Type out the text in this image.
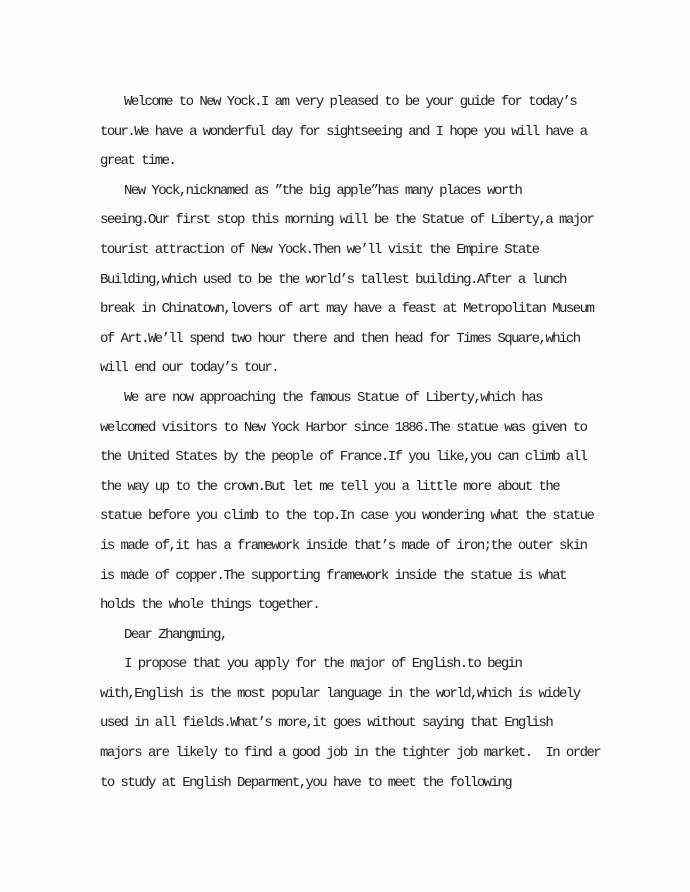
Welcome to New Yock.I am very pleased to be your guide for today’s
tour.We have a wonderful day for sightseeing and I hope you will have a
great time.
New Yock,nicknamed as ”the big apple”has many places worth
seeing.Our first stop this morning will be the Statue of Liberty,a major
tourist attraction of New Yock.Then we’ll visit the Empire State
Building,which used to be the world’s tallest building.After a lunch
break in Chinatown,lovers of art may have a feast at Metropolitan Museum
of Art.We’ll spend two hour there and then head for Times Square,which
will end our today’s tour.
We are now approaching the famous Statue of Liberty,which has
welcomed visitors to New Yock Harbor since 1886.The statue was given to
the United States by the people of France.If you like,you can climb all
the way up to the crown.But let me tell you a little more about the
statue before you climb to the top.In case you wondering what the statue
is made of,it has a framework inside that’s made of iron;the outer skin
is made of copper.The supporting framework inside the statue is what
holds the whole things together.
Dear Zhangming,
I propose that you apply for the major of English.to begin
with,English is the most popular language in the world,which is widely
used in all fields.What’s more,it goes without saying that English
majors are likely to find a good job in the tighter job market.  In order
to study at English Deparment,you have to meet the following
